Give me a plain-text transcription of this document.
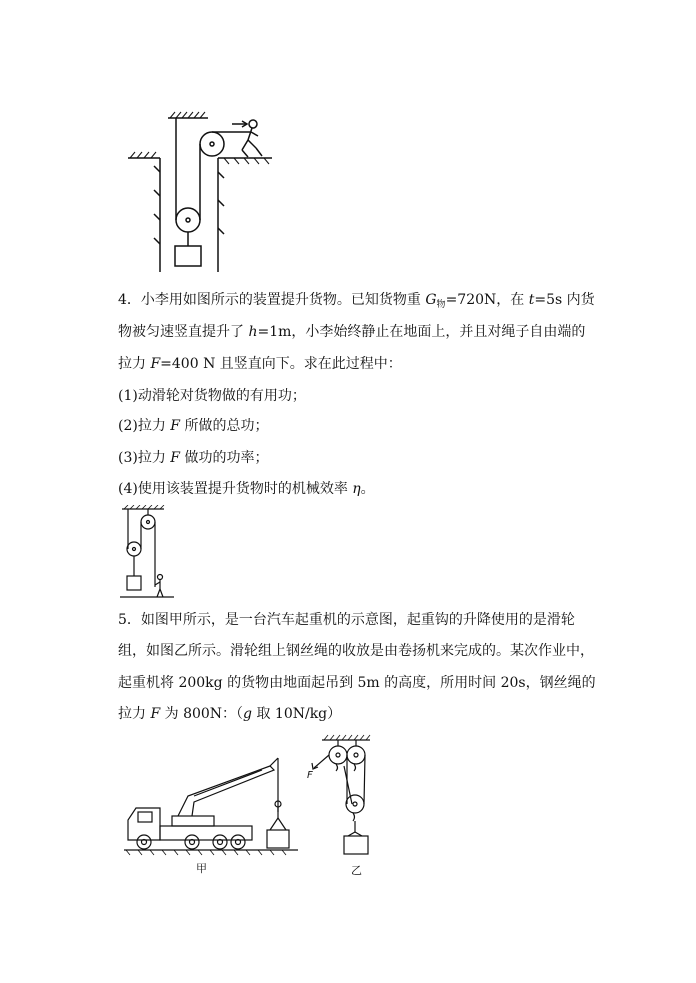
4．小李用如图所示的装置提升货物。已知货物重 $G_物=720N$，在 t=5s 内货
物被匀速竖直提升了 h=1m，小李始终静止在地面上，并且对绳子自由端的
拉力 F=400 N 且竖直向下。求在此过程中：
(1)动滑轮对货物做的有用功；
(2)拉力 F 所做的总功；
(3)拉力 F 做功的功率；
(4)使用该装置提升货物时的机械效率 η。
5．如图甲所示，是一台汽车起重机的示意图，起重钩的升降使用的是滑轮
组，如图乙所示。滑轮组上钢丝绳的收放是由卷扬机来完成的。某次作业中，
起重机将 200kg 的货物由地面起吊到 5m 的高度，所用时间 20s，钢丝绳的
拉力 F 为 800N：（g 取 10N/kg）
甲
F
乙
